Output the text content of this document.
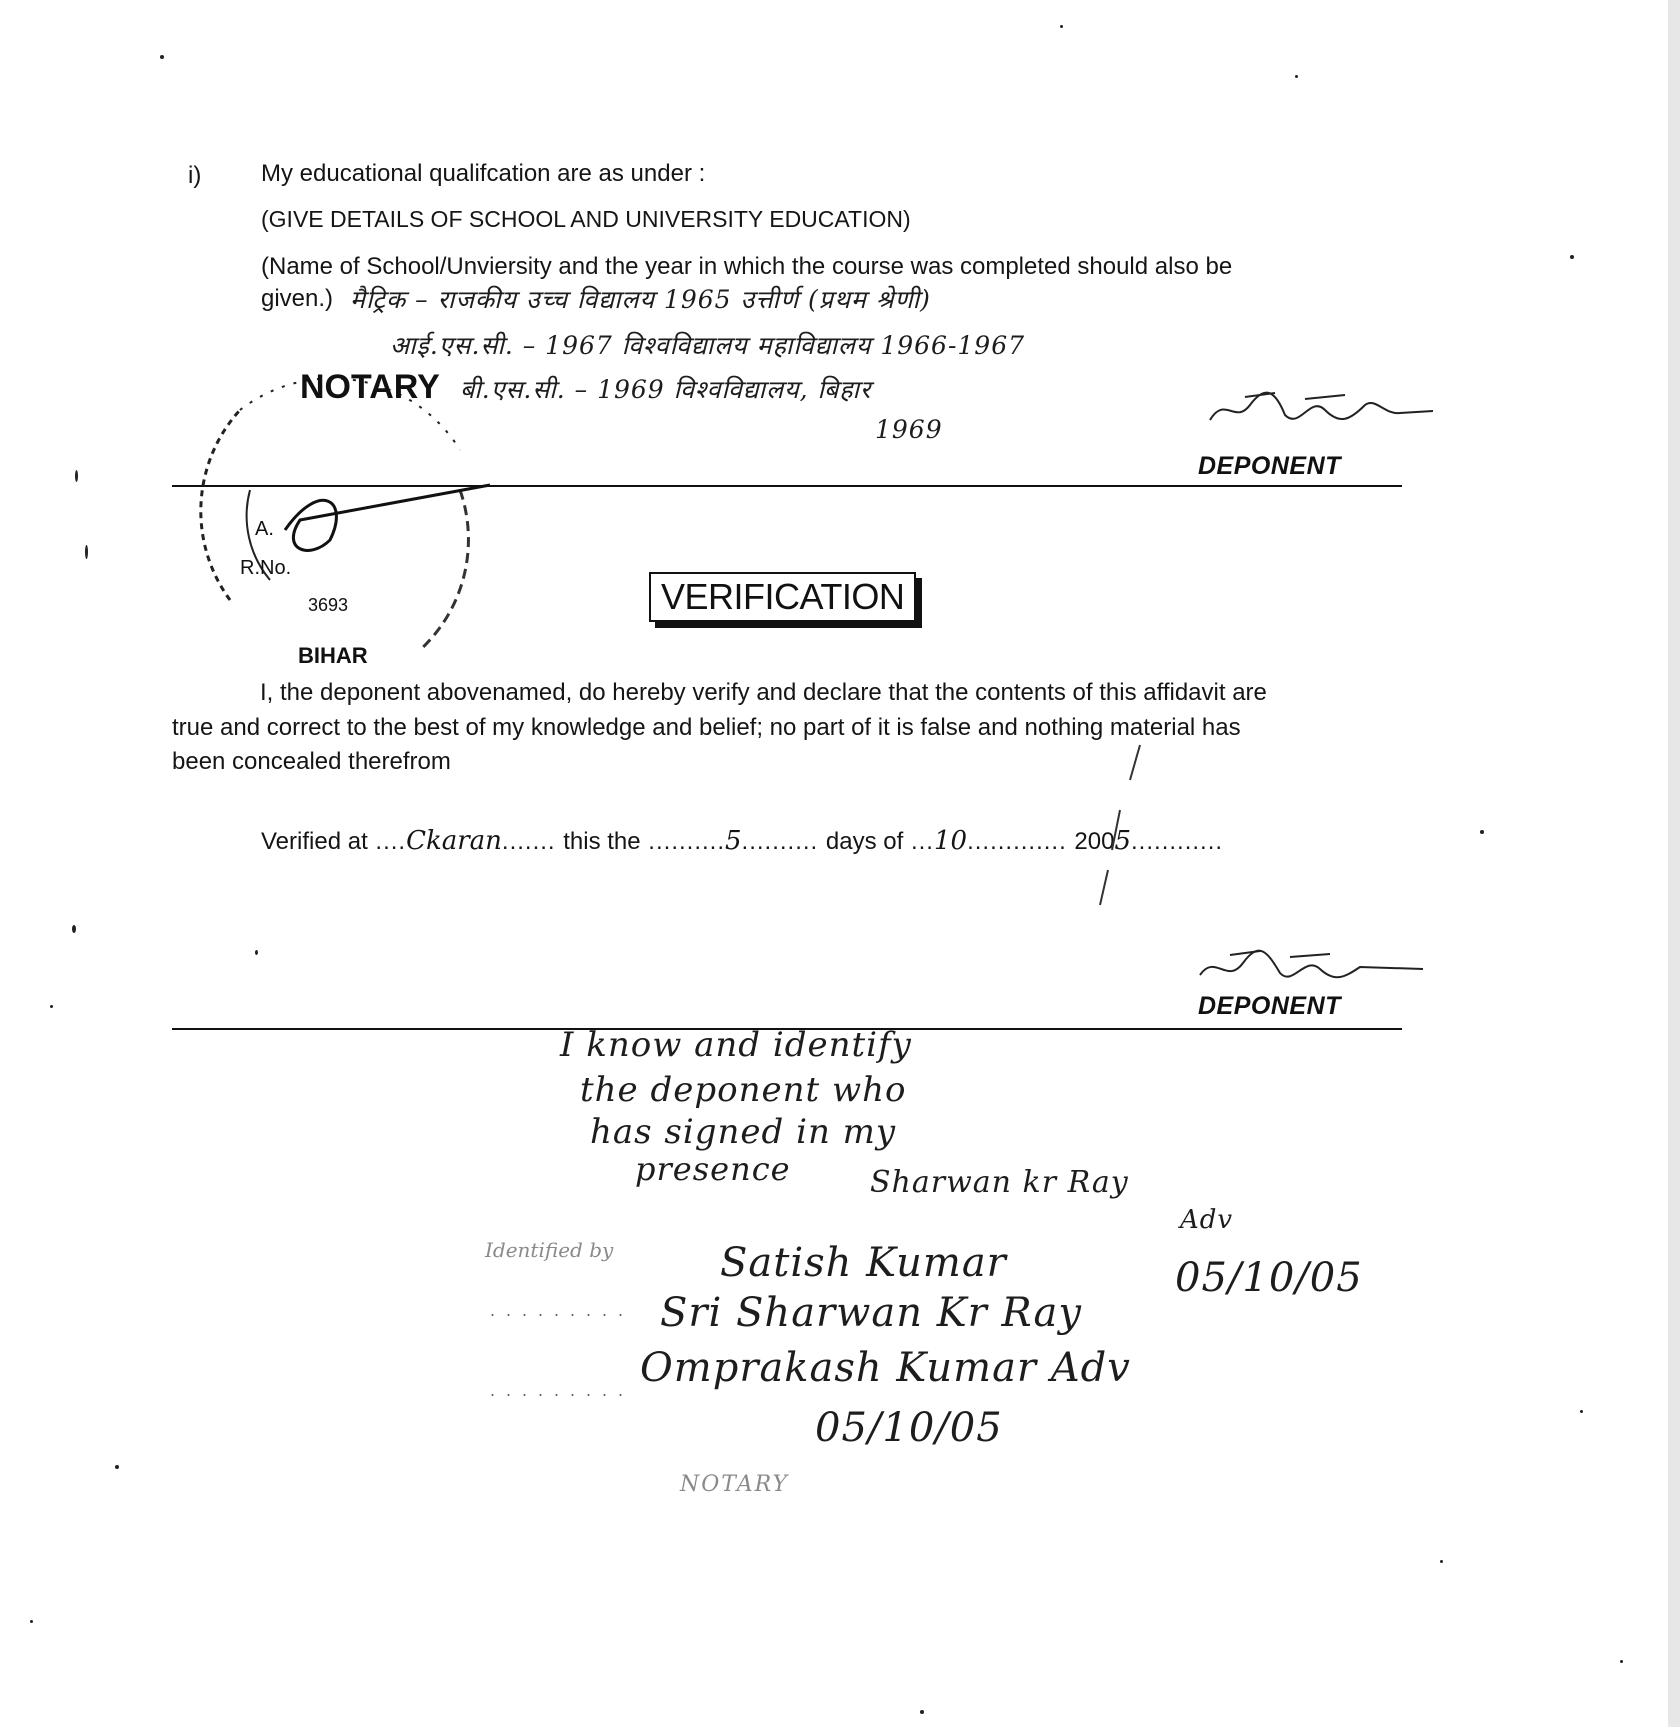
i) My educational qualifcation are as under :
(GIVE DETAILS OF SCHOOL AND UNIVERSITY EDUCATION)
(Name of School/Unviersity and the year in which the course was completed should also be
given.) मैट्रिक – राजकीय उच्च विद्यालय 1965 उत्तीर्ण (प्रथम श्रेणी)
आई.एस.सी. – 1967 विश्वविद्यालय महाविद्यालय 1966-1967
बी.एस.सी. – 1969 विश्वविद्यालय, बिहार
1969
DEPONENT
NOTARY
A.
R.No.
3693
BIHAR
VERIFICATION
I, the deponent abovenamed, do hereby verify and declare that the contents of this affidavit are
true and correct to the best of my knowledge and belief; no part of it is false and nothing material has
been concealed therefrom
Verified at ....Ckaran....... this the ..........5.......... days of ...10............. 2005............
DEPONENT
I know and identify
the deponent who
has signed in my
presence	Sharwan kr Ray
Adv
Identified by	Satish Kumar	05/10/05
Sri Sharwan Kr Ray
Omprakash Kumar Adv
05/10/05
. . . . . . . . .
. . . . . . . . .
NOTARY
